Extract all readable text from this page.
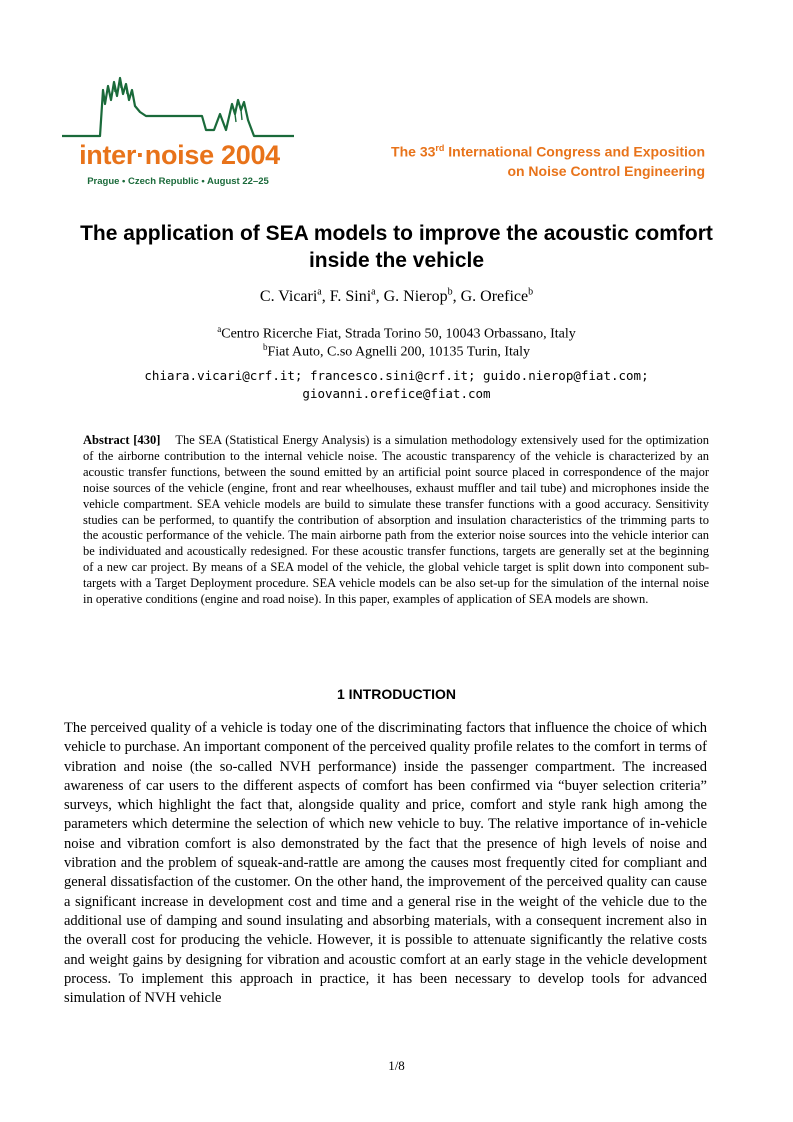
inter·noise 2004
Prague • Czech Republic • August 22–25
The 33rd International Congress and Exposition
on Noise Control Engineering
The application of SEA models to improve the acoustic comfort inside the vehicle
C. Vicari$^a$, F. Sini$^a$, G. Nierop$^b$, G. Orefice$^b$
$^a$Centro Ricerche Fiat, Strada Torino 50, 10043 Orbassano, Italy
$^b$Fiat Auto, C.so Agnelli 200, 10135 Turin, Italy
chiara.vicari@crf.it; francesco.sini@crf.it; guido.nierop@fiat.com;
giovanni.orefice@fiat.com
Abstract [430] The SEA (Statistical Energy Analysis) is a simulation methodology extensively used for the optimization of the airborne contribution to the internal vehicle noise. The acoustic transparency of the vehicle is characterized by an acoustic transfer functions, between the sound emitted by an artificial point source placed in correspondence of the major noise sources of the vehicle (engine, front and rear wheelhouses, exhaust muffler and tail tube) and microphones inside the vehicle compartment. SEA vehicle models are build to simulate these transfer functions with a good accuracy. Sensitivity studies can be performed, to quantify the contribution of absorption and insulation characteristics of the trimming parts to the acoustic performance of the vehicle. The main airborne path from the exterior noise sources into the vehicle interior can be individuated and acoustically redesigned. For these acoustic transfer functions, targets are generally set at the beginning of a new car project. By means of a SEA model of the vehicle, the global vehicle target is split down into component sub-targets with a Target Deployment procedure. SEA vehicle models can be also set-up for the simulation of the internal noise in operative conditions (engine and road noise). In this paper, examples of application of SEA models are shown.
1 INTRODUCTION
The perceived quality of a vehicle is today one of the discriminating factors that influence the choice of which vehicle to purchase. An important component of the perceived quality profile relates to the comfort in terms of vibration and noise (the so-called NVH performance) inside the passenger compartment. The increased awareness of car users to the different aspects of comfort has been confirmed via “buyer selection criteria” surveys, which highlight the fact that, alongside quality and price, comfort and style rank high among the parameters which determine the selection of which new vehicle to buy. The relative importance of in-vehicle noise and vibration comfort is also demonstrated by the fact that the presence of high levels of noise and vibration and the problem of squeak-and-rattle are among the causes most frequently cited for compliant and general dissatisfaction of the customer. On the other hand, the improvement of the perceived quality can cause a significant increase in development cost and time and a general rise in the weight of the vehicle due to the additional use of damping and sound insulating and absorbing materials, with a consequent increment also in the overall cost for producing the vehicle. However, it is possible to attenuate significantly the relative costs and weight gains by designing for vibration and acoustic comfort at an early stage in the vehicle development process. To implement this approach in practice, it has been necessary to develop tools for advanced simulation of NVH vehicle
1/8
